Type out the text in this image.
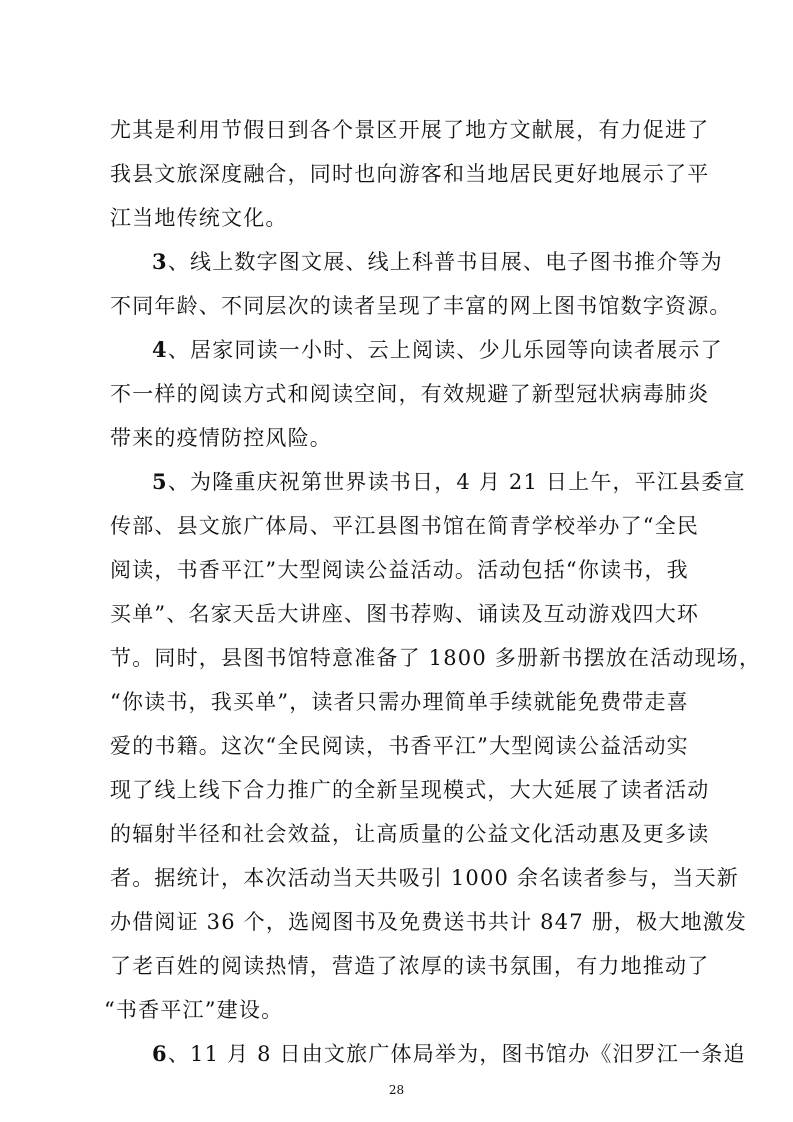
尤其是利用节假日到各个景区开展了地方文献展，有力促进了
我县文旅深度融合，同时也向游客和当地居民更好地展示了平
江当地传统文化。
3、线上数字图文展、线上科普书目展、电子图书推介等为
不同年龄、不同层次的读者呈现了丰富的网上图书馆数字资源。
4、居家同读一小时、云上阅读、少儿乐园等向读者展示了
不一样的阅读方式和阅读空间，有效规避了新型冠状病毒肺炎
带来的疫情防控风险。
5、为隆重庆祝第世界读书日，4 月 21 日上午，平江县委宣
传部、县文旅广体局、平江县图书馆在简青学校举办了“全民
阅读，书香平江”大型阅读公益活动。活动包括“你读书，我
买单”、名家天岳大讲座、图书荐购、诵读及互动游戏四大环
节。同时，县图书馆特意准备了 1800 多册新书摆放在活动现场，
“你读书，我买单”，读者只需办理简单手续就能免费带走喜
爱的书籍。这次“全民阅读，书香平江”大型阅读公益活动实
现了线上线下合力推广的全新呈现模式，大大延展了读者活动
的辐射半径和社会效益，让高质量的公益文化活动惠及更多读
者。据统计，本次活动当天共吸引 1000 余名读者参与，当天新
办借阅证 36 个，选阅图书及免费送书共计 847 册，极大地激发
了老百姓的阅读热情，营造了浓厚的读书氛围，有力地推动了
“书香平江”建设。
6、11 月 8 日由文旅广体局举为，图书馆办《汨罗江一条追
28
